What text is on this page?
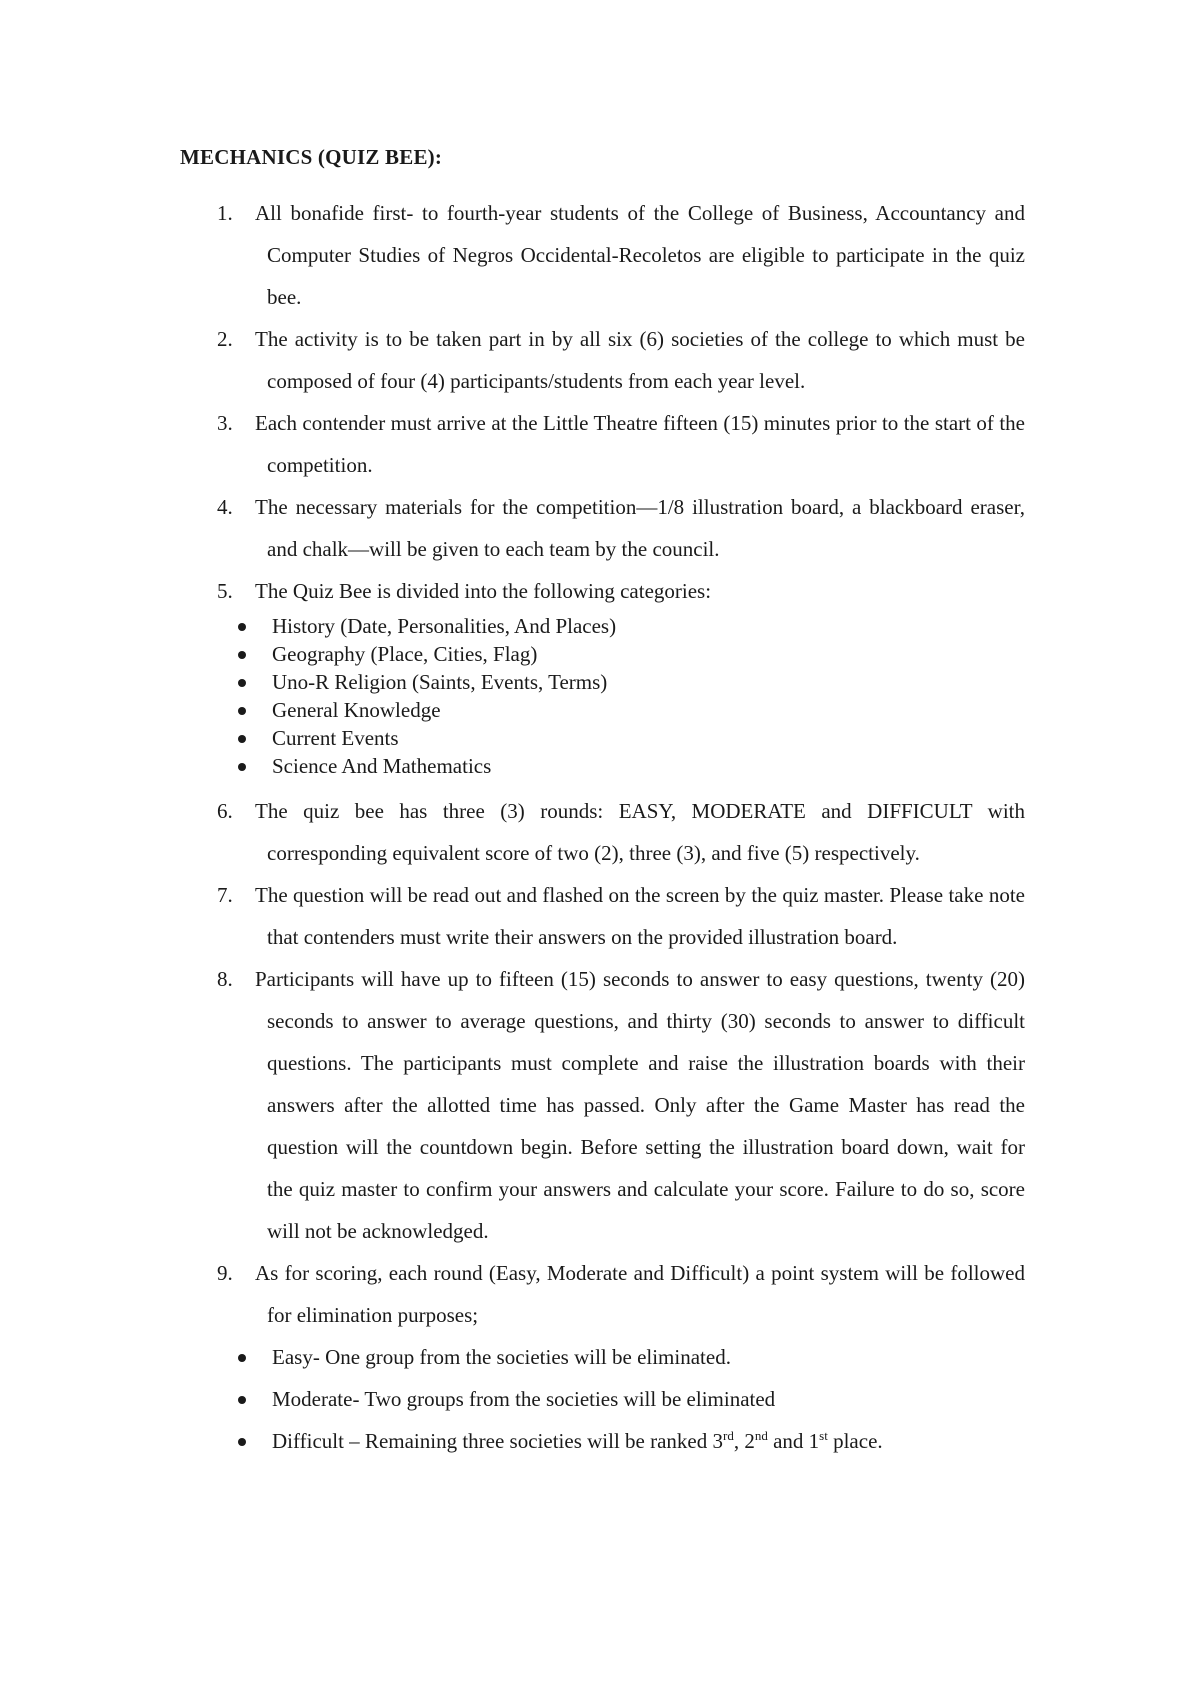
MECHANICS (QUIZ BEE):
1. All bonafide first- to fourth-year students of the College of Business, Accountancy and Computer Studies of Negros Occidental-Recoletos are eligible to participate in the quiz bee.
2. The activity is to be taken part in by all six (6) societies of the college to which must be composed of four (4) participants/students from each year level.
3. Each contender must arrive at the Little Theatre fifteen (15) minutes prior to the start of the competition.
4. The necessary materials for the competition—1/8 illustration board, a blackboard eraser, and chalk—will be given to each team by the council.
5. The Quiz Bee is divided into the following categories:
History (Date, Personalities, And Places)
Geography (Place, Cities, Flag)
Uno-R Religion (Saints, Events, Terms)
General Knowledge
Current Events
Science And Mathematics
6. The quiz bee has three (3) rounds: EASY, MODERATE and DIFFICULT with corresponding equivalent score of two (2), three (3), and five (5) respectively.
7. The question will be read out and flashed on the screen by the quiz master. Please take note that contenders must write their answers on the provided illustration board.
8. Participants will have up to fifteen (15) seconds to answer to easy questions, twenty (20) seconds to answer to average questions, and thirty (30) seconds to answer to difficult questions. The participants must complete and raise the illustration boards with their answers after the allotted time has passed. Only after the Game Master has read the question will the countdown begin. Before setting the illustration board down, wait for the quiz master to confirm your answers and calculate your score. Failure to do so, score will not be acknowledged.
9. As for scoring, each round (Easy, Moderate and Difficult) a point system will be followed for elimination purposes;
Easy- One group from the societies will be eliminated.
Moderate- Two groups from the societies will be eliminated
Difficult – Remaining three societies will be ranked 3rd, 2nd and 1st place.
